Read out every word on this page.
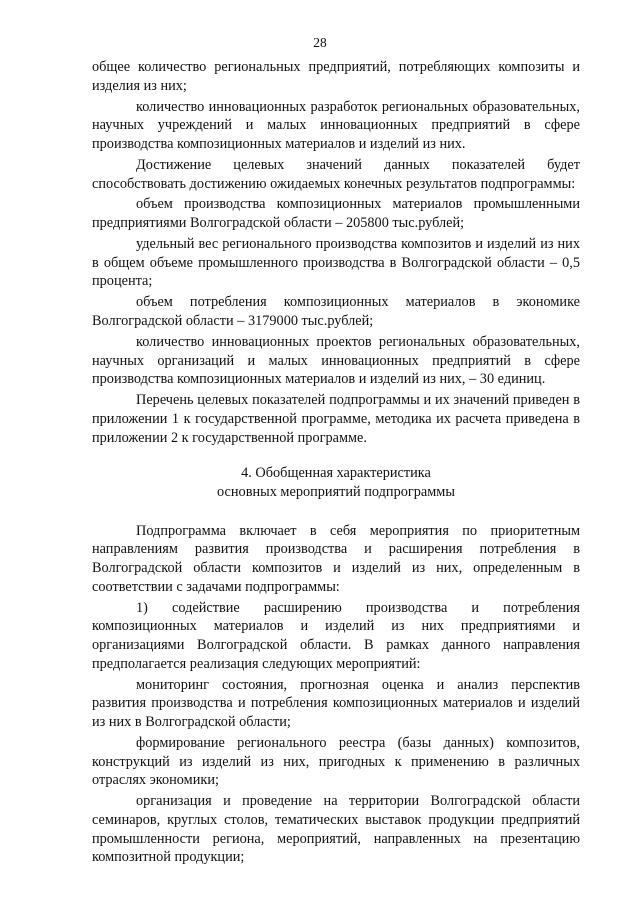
28

общее количество региональных предприятий, потребляющих композиты и изделия из них;

количество инновационных разработок региональных образовательных, научных учреждений и малых инновационных предприятий в сфере производства композиционных материалов и изделий из них.

Достижение целевых значений данных показателей будет способствовать достижению ожидаемых конечных результатов подпрограммы:

объем производства композиционных материалов промышленными предприятиями Волгоградской области – 205800 тыс.рублей;

удельный вес регионального производства композитов и изделий из них в общем объеме промышленного производства в Волгоградской области – 0,5 процента;

объем потребления композиционных материалов в экономике Волгоградской области – 3179000 тыс.рублей;

количество инновационных проектов региональных образовательных, научных организаций и малых инновационных предприятий в сфере производства композиционных материалов и изделий из них, – 30 единиц.

Перечень целевых показателей подпрограммы и их значений приведен в приложении 1 к государственной программе, методика их расчета приведена в приложении 2 к государственной программе.

4. Обобщенная характеристика
основных мероприятий подпрограммы

Подпрограмма включает в себя мероприятия по приоритетным направлениям развития производства и расширения потребления в Волгоградской области композитов и изделий из них, определенным в соответствии с задачами подпрограммы:

1) содействие расширению производства и потребления композиционных материалов и изделий из них предприятиями и организациями Волгоградской области. В рамках данного направления предполагается реализация следующих мероприятий:

мониторинг состояния, прогнозная оценка и анализ перспектив развития производства и потребления композиционных материалов и изделий из них в Волгоградской области;

формирование регионального реестра (базы данных) композитов, конструкций из изделий из них, пригодных к применению в различных отраслях экономики;

организация и проведение на территории Волгоградской области семинаров, круглых столов, тематических выставок продукции предприятий промышленности региона, мероприятий, направленных на презентацию композитной продукции;
